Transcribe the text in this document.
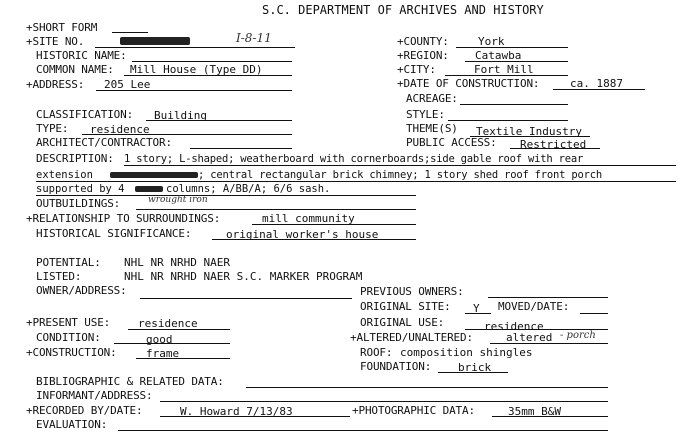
S.C. DEPARTMENT OF ARCHIVES AND HISTORY
+SHORT FORM
+SITE NO.	I-8-11	+COUNTY:	York
HISTORIC NAME:	+REGION: Catawba
COMMON NAME: Mill House (Type DD)	+CITY:	Fort Mill
+ADDRESS: 205 Lee	+DATE OF CONSTRUCTION:	ca. 1887
ACREAGE:
CLASSIFICATION: Building	STYLE:
TYPE: residence	THEME(S) Textile Industry
ARCHITECT/CONTRACTOR:	PUBLIC ACCESS: Restricted
DESCRIPTION: 1 story; L-shaped; weatherboard with cornerboards;side gable roof with rear
extension	; central rectangular brick chimney; 1 story shed roof front porch
supported by 4	columns; A/BB/A; 6/6 sash.
OUTBUILDINGS:	wrought iron
+RELATIONSHIP TO SURROUNDINGS:	mill community
HISTORICAL SIGNIFICANCE:	original worker's house
POTENTIAL: NHL NR NRHD NAER
LISTED:	NHL NR NRHD NAER S.C. MARKER PROGRAM
OWNER/ADDRESS:	PREVIOUS OWNERS:
ORIGINAL SITE: Y MOVED/DATE:
+PRESENT USE:	residence	ORIGINAL USE:	residence
CONDITION:	good	+ALTERED/UNALTERED:	altered - porch
+CONSTRUCTION:	frame	ROOF: composition shingles
FOUNDATION: brick
BIBLIOGRAPHIC & RELATED DATA:
INFORMANT/ADDRESS:
+RECORDED BY/DATE:	W. Howard 7/13/83	+PHOTOGRAPHIC DATA:	35mm B&W
EVALUATION:
